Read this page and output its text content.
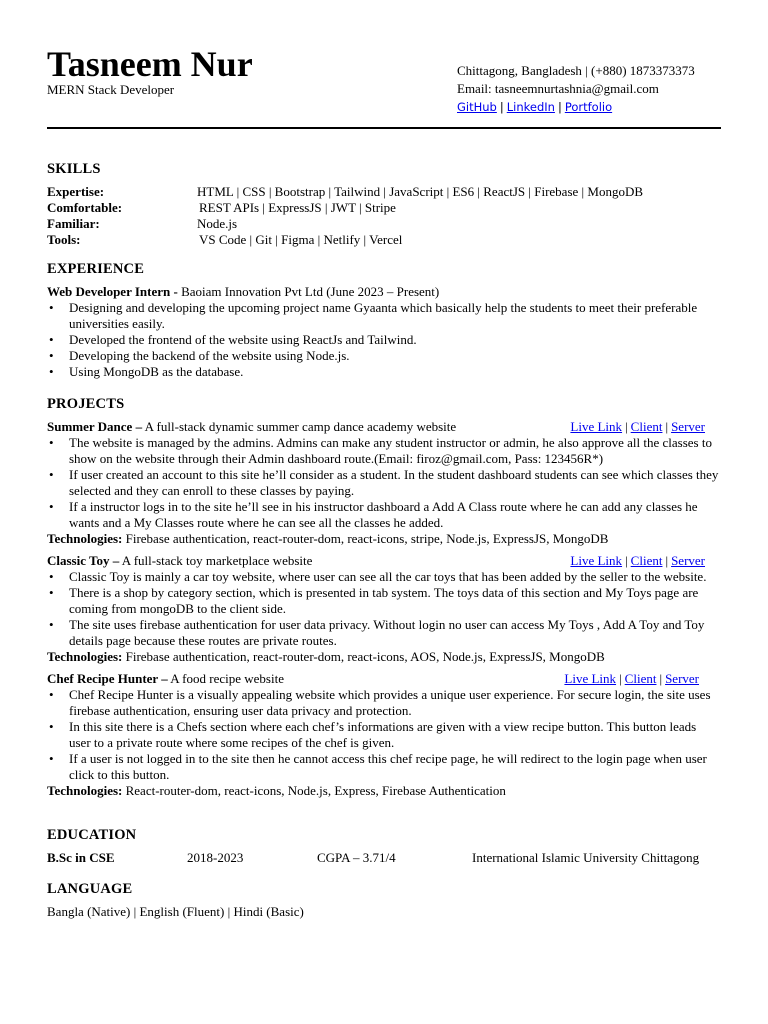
Tasneem Nur
MERN Stack Developer
Chittagong, Bangladesh | (+880) 1873373373
Email: tasneemnurtashnia@gmail.com
GitHub | LinkedIn | Portfolio
SKILLS
Expertise:	HTML | CSS | Bootstrap | Tailwind | JavaScript | ES6 | ReactJS | Firebase | MongoDB
Comfortable:	REST APIs | ExpressJS | JWT | Stripe
Familiar:	Node.js
Tools:	VS Code | Git | Figma | Netlify | Vercel
EXPERIENCE
Web Developer Intern - Baoiam Innovation Pvt Ltd (June 2023 – Present)
• Designing and developing the upcoming project name Gyaanta which basically help the students to meet their preferable universities easily.
• Developed the frontend of the website using ReactJs and Tailwind.
• Developing the backend of the website using Node.js.
• Using MongoDB as the database.
PROJECTS
Summer Dance – A full-stack dynamic summer camp dance academy website	Live Link | Client | Server
• The website is managed by the admins. Admins can make any student instructor or admin, he also approve all the classes to show on the website through their Admin dashboard route.(Email: firoz@gmail.com, Pass: 123456R*)
• If user created an account to this site he’ll consider as a student. In the student dashboard students can see which classes they selected and they can enroll to these classes by paying.
• If a instructor logs in to the site he’ll see in his instructor dashboard a Add A Class route where he can add any classes he wants and a My Classes route where he can see all the classes he added.
Technologies: Firebase authentication, react-router-dom, react-icons, stripe, Node.js, ExpressJS, MongoDB
Classic Toy – A full-stack toy marketplace website	Live Link | Client | Server
• Classic Toy is mainly a car toy website, where user can see all the car toys that has been added by the seller to the website.
• There is a shop by category section, which is presented in tab system. The toys data of this section and My Toys page are coming from mongoDB to the client side.
• The site uses firebase authentication for user data privacy. Without login no user can access My Toys , Add A Toy and Toy details page because these routes are private routes.
Technologies: Firebase authentication, react-router-dom, react-icons, AOS, Node.js, ExpressJS, MongoDB
Chef Recipe Hunter – A food recipe website	Live Link | Client | Server
• Chef Recipe Hunter is a visually appealing website which provides a unique user experience. For secure login, the site uses firebase authentication, ensuring user data privacy and protection.
• In this site there is a Chefs section where each chef’s informations are given with a view recipe button. This button leads user to a private route where some recipes of the chef is given.
• If a user is not logged in to the site then he cannot access this chef recipe page, he will redirect to the login page when user click to this button.
Technologies: React-router-dom, react-icons, Node.js, Express, Firebase Authentication
EDUCATION
B.Sc in CSE	2018-2023	CGPA – 3.71/4	International Islamic University Chittagong
LANGUAGE
Bangla (Native) | English (Fluent) | Hindi (Basic)
